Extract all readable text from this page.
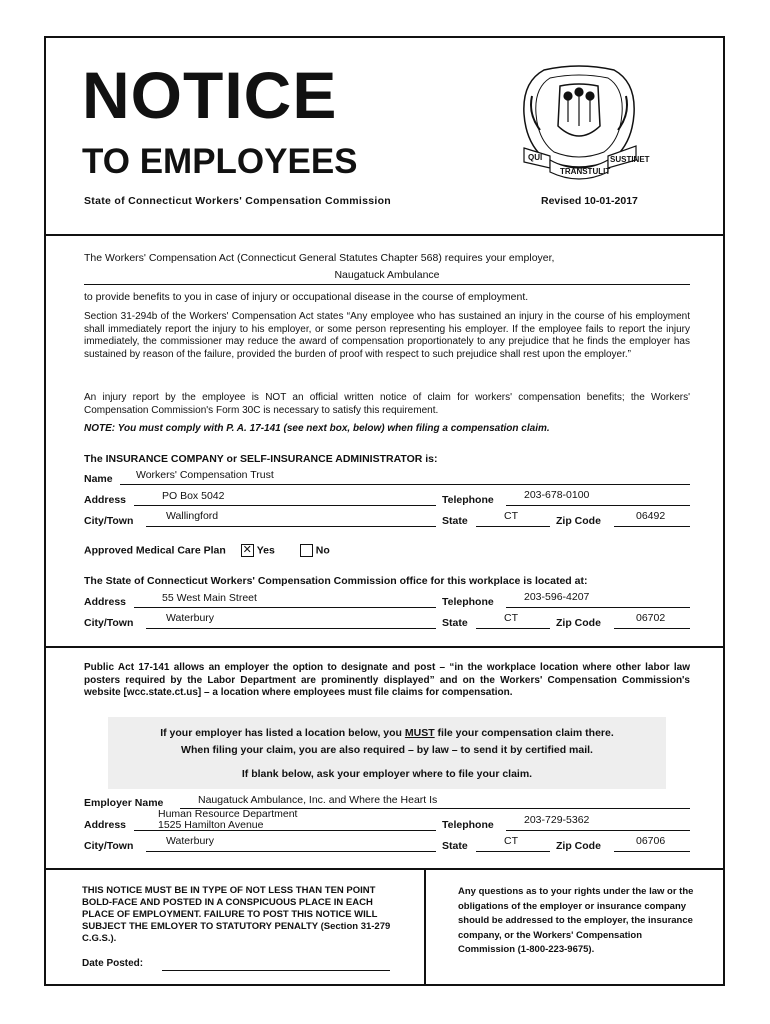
NOTICE
TO EMPLOYEES
State of Connecticut Workers' Compensation Commission	Revised 10-01-2017
QUI
TRANSTULIT
SUSTINET
The Workers' Compensation Act (Connecticut General Statutes Chapter 568) requires your employer,
Naugatuck Ambulance
to provide benefits to you in case of injury or occupational disease in the course of employment.
Section 31-294b of the Workers' Compensation Act states “Any employee who has sustained an injury in the course of his employment shall immediately report the injury to his employer, or some person representing his employer. If the employee fails to report the injury immediately, the commissioner may reduce the award of compensation proportionately to any prejudice that he finds the employer has sustained by reason of the failure, provided the burden of proof with respect to such prejudice shall rest upon the employer.”
An injury report by the employee is NOT an official written notice of claim for workers' compensation benefits; the Workers' Compensation Commission's Form 30C is necessary to satisfy this requirement.
NOTE: You must comply with P. A. 17-141 (see next box, below) when filing a compensation claim.
The INSURANCE COMPANY or SELF-INSURANCE ADMINISTRATOR is:
Name Workers' Compensation Trust
Address	PO Box 5042	Telephone	203-678-0100
City/Town	Wallingford	State	CT	Zip Code	06492
Approved Medical Care Plan ✕ Yes	No
The State of Connecticut Workers' Compensation Commission office for this workplace is located at:
Address	55 West Main Street	Telephone	203-596-4207
City/Town	Waterbury	State	CT	Zip Code	06702
Public Act 17-141 allows an employer the option to designate and post – “in the workplace location where other labor law posters required by the Labor Department are prominently displayed” and on the Workers' Compensation Commission's website [wcc.state.ct.us] – a location where employees must file claims for compensation.
If your employer has listed a location below, you MUST file your compensation claim there.
When filing your claim, you are also required – by law – to send it by certified mail.
If blank below, ask your employer where to file your claim.
Employer Name	Naugatuck Ambulance, Inc. and Where the Heart Is
Human Resource Department
Address	1525 Hamilton Avenue	Telephone	203-729-5362
City/Town	Waterbury	State	CT	Zip Code	06706
THIS NOTICE MUST BE IN TYPE OF NOT LESS THAN TEN POINT BOLD-FACE AND POSTED IN A CONSPICUOUS PLACE IN EACH PLACE OF EMPLOYMENT. FAILURE TO POST THIS NOTICE WILL SUBJECT THE EMLOYER TO STATUTORY PENALTY (Section 31-279 C.G.S.).
Date Posted:
Any questions as to your rights under the law or the obligations of the employer or insurance company should be addressed to the employer, the insurance company, or the Workers' Compensation Commission (1-800-223-9675).
